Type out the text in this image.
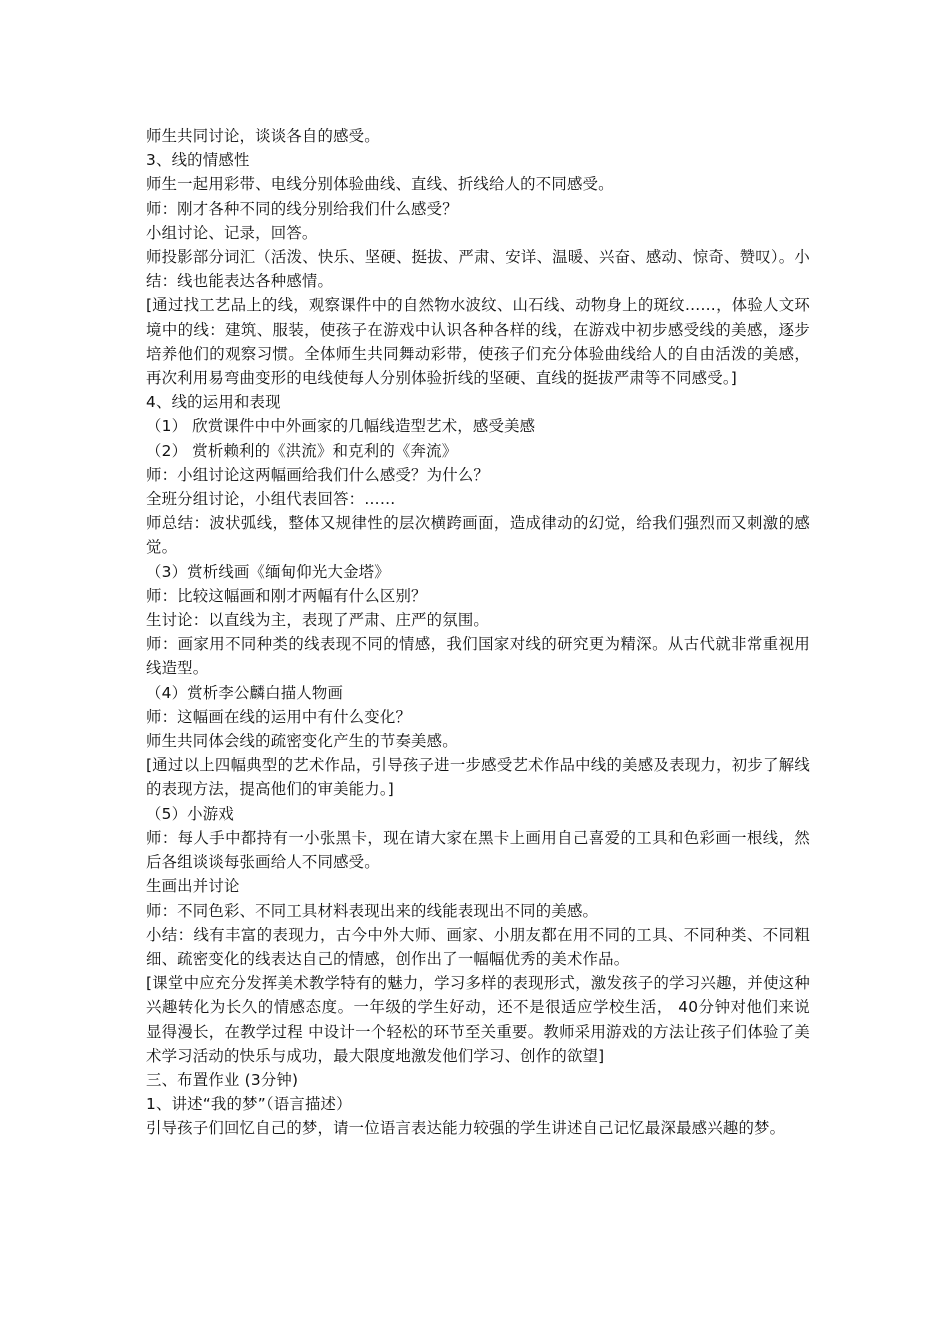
师生共同讨论，谈谈各自的感受。

3、线的情感性

师生一起用彩带、电线分别体验曲线、直线、折线给人的不同感受。

师：刚才各种不同的线分别给我们什么感受？

小组讨论、记录，回答。

师投影部分词汇（活泼、快乐、坚硬、挺拔、严肃、安详、温暖、兴奋、感动、惊奇、赞叹）。小结：线也能表达各种感情。

[通过找工艺品上的线，观察课件中的自然物水波纹、山石线、动物身上的斑纹……，体验人文环境中的线：建筑、服装，使孩子在游戏中认识各种各样的线，在游戏中初步感受线的美感，逐步培养他们的观察习惯。全体师生共同舞动彩带，使孩子们充分体验曲线给人的自由活泼的美感，再次利用易弯曲变形的电线使每人分别体验折线的坚硬、直线的挺拔严肃等不同感受。]

4、线的运用和表现

（1） 欣赏课件中中外画家的几幅线造型艺术，感受美感

（2） 赏析赖利的《洪流》和克利的《奔流》

师：小组讨论这两幅画给我们什么感受？为什么？

全班分组讨论，小组代表回答：……

师总结：波状弧线，整体又规律性的层次横跨画面，造成律动的幻觉，给我们强烈而又刺激的感觉。

（3）赏析线画《缅甸仰光大金塔》

师：比较这幅画和刚才两幅有什么区别？

生讨论：以直线为主，表现了严肃、庄严的氛围。

师：画家用不同种类的线表现不同的情感，我们国家对线的研究更为精深。从古代就非常重视用线造型。

（4）赏析李公麟白描人物画

师：这幅画在线的运用中有什么变化？

师生共同体会线的疏密变化产生的节奏美感。

[通过以上四幅典型的艺术作品，引导孩子进一步感受艺术作品中线的美感及表现力，初步了解线的表现方法，提高他们的审美能力。]

（5）小游戏

师：每人手中都持有一小张黑卡，现在请大家在黑卡上画用自己喜爱的工具和色彩画一根线，然后各组谈谈每张画给人不同感受。

生画出并讨论

师：不同色彩、不同工具材料表现出来的线能表现出不同的美感。

小结：线有丰富的表现力，古今中外大师、画家、小朋友都在用不同的工具、不同种类、不同粗细、疏密变化的线表达自己的情感，创作出了一幅幅优秀的美术作品。

[课堂中应充分发挥美术教学特有的魅力，学习多样的表现形式，激发孩子的学习兴趣，并使这种兴趣转化为长久的情感态度。一年级的学生好动，还不是很适应学校生活， 40分钟对他们来说显得漫长，在教学过程 中设计一个轻松的环节至关重要。教师采用游戏的方法让孩子们体验了美术学习活动的快乐与成功，最大限度地激发他们学习、创作的欲望]

三、布置作业 (3分钟)

1、讲述“我的梦”（语言描述）

引导孩子们回忆自己的梦，请一位语言表达能力较强的学生讲述自己记忆最深最感兴趣的梦。
